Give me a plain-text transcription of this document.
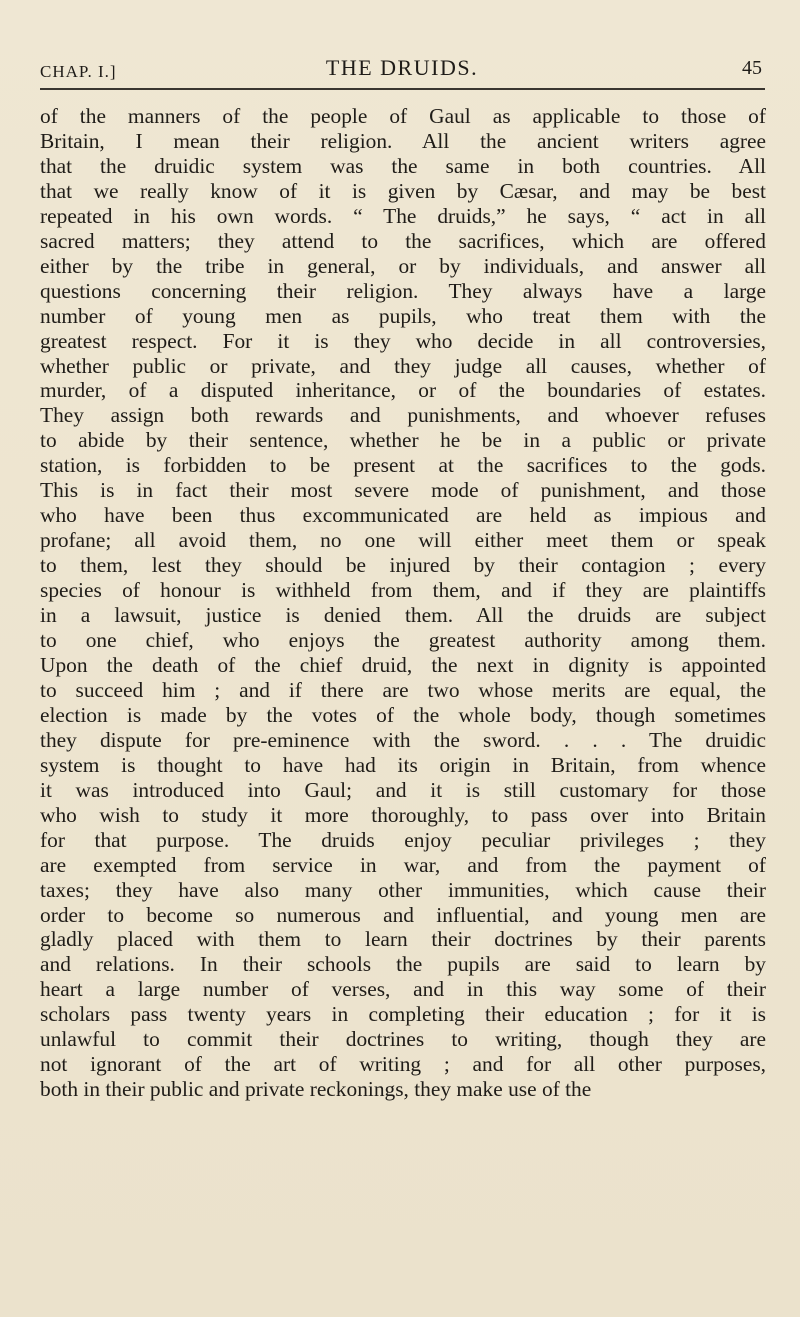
CHAP. I.]	THE DRUIDS.	45
of the manners of the people of Gaul as applicable to those of
Britain, I mean their religion. All the ancient writers agree
that the druidic system was the same in both countries. All
that we really know of it is given by Cæsar, and may be best
repeated in his own words. “ The druids,” he says, “ act in all
sacred matters; they attend to the sacrifices, which are offered
either by the tribe in general, or by individuals, and answer all
questions concerning their religion. They always have a large
number of young men as pupils, who treat them with the
greatest respect. For it is they who decide in all controversies,
whether public or private, and they judge all causes, whether of
murder, of a disputed inheritance, or of the boundaries of estates.
They assign both rewards and punishments, and whoever refuses
to abide by their sentence, whether he be in a public or private
station, is forbidden to be present at the sacrifices to the gods.
This is in fact their most severe mode of punishment, and those
who have been thus excommunicated are held as impious and
profane; all avoid them, no one will either meet them or speak
to them, lest they should be injured by their contagion ; every
species of honour is withheld from them, and if they are plaintiffs
in a lawsuit, justice is denied them. All the druids are subject
to one chief, who enjoys the greatest authority among them.
Upon the death of the chief druid, the next in dignity is appointed
to succeed him ; and if there are two whose merits are equal, the
election is made by the votes of the whole body, though sometimes
they dispute for pre-eminence with the sword. . . . The druidic
system is thought to have had its origin in Britain, from whence
it was introduced into Gaul; and it is still customary for those
who wish to study it more thoroughly, to pass over into Britain
for that purpose. The druids enjoy peculiar privileges ; they
are exempted from service in war, and from the payment of
taxes; they have also many other immunities, which cause their
order to become so numerous and influential, and young men are
gladly placed with them to learn their doctrines by their parents
and relations. In their schools the pupils are said to learn by
heart a large number of verses, and in this way some of their
scholars pass twenty years in completing their education ; for it is
unlawful to commit their doctrines to writing, though they are
not ignorant of the art of writing ; and for all other purposes,
both in their public and private reckonings, they make use of the
